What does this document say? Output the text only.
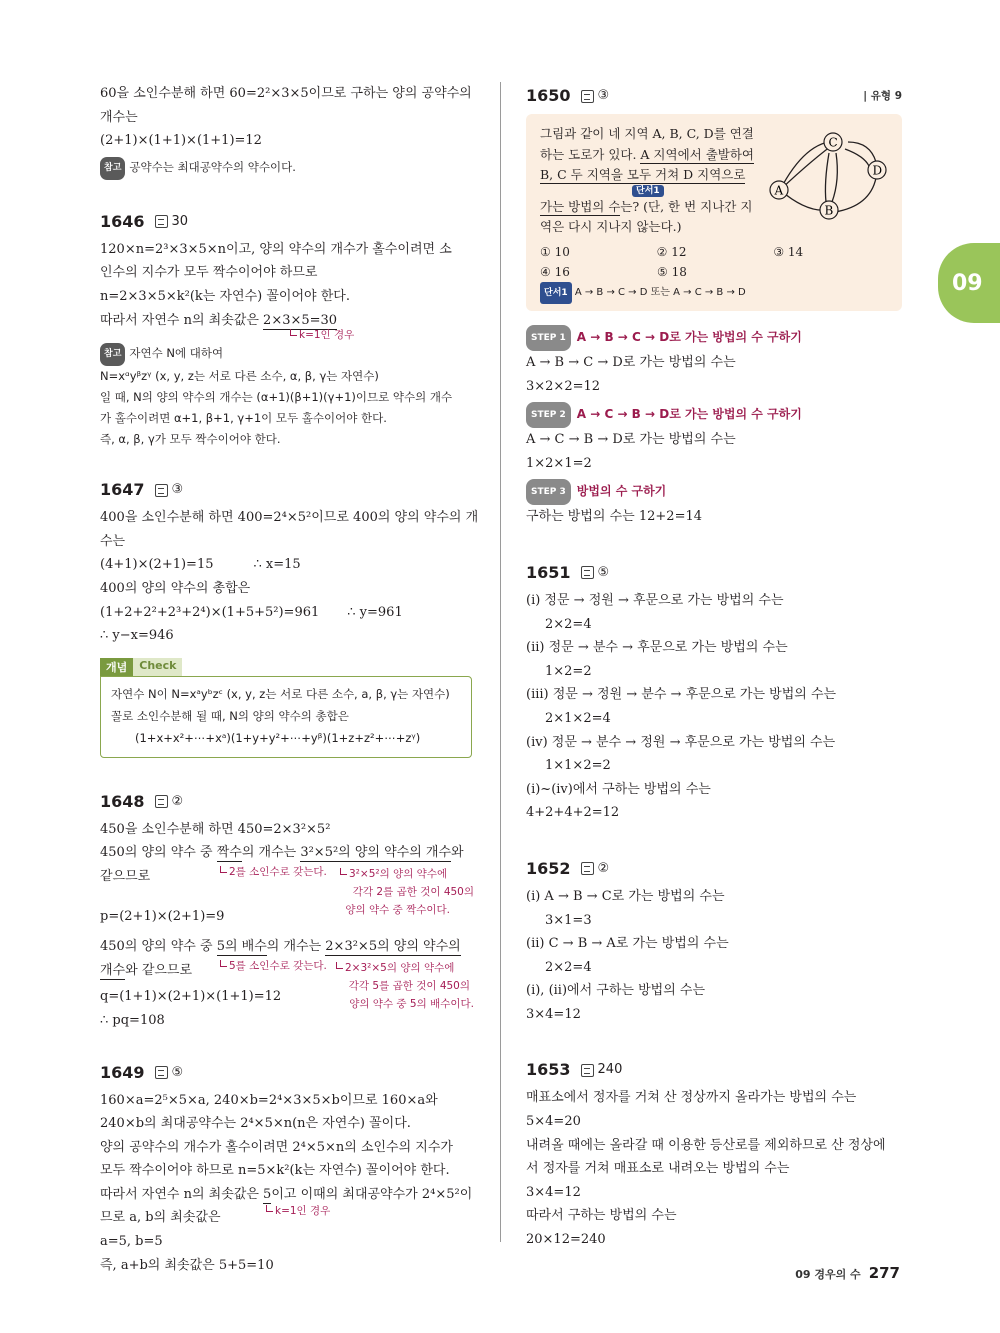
60을 소인수분해 하면 60=2²×3×5이므로 구하는 양의 공약수의
개수는
(2+1)×(1+1)×(1+1)=12
참고 공약수는 최대공약수의 약수이다.
1646 30
120×n=2³×3×5×n이고, 양의 약수의 개수가 홀수이려면 소
인수의 지수가 모두 짝수이어야 하므로
n=2×3×5×k²(k는 자연수) 꼴이어야 한다.
따라서 자연수 n의 최솟값은 2×3×5=30
k=1인 경우
참고 자연수 N에 대하여
N=xᵅyᵝzᵞ (x, y, z는 서로 다른 소수, α, β, γ는 자연수)
일 때, N의 양의 약수의 개수는 (α+1)(β+1)(γ+1)이므로 약수의 개수
가 홀수이려면 α+1, β+1, γ+1이 모두 홀수이어야 한다.
즉, α, β, γ가 모두 짝수이어야 한다.
1647 ③
400을 소인수분해 하면 400=2⁴×5²이므로 400의 양의 약수의 개
수는
(4+1)×(2+1)=15	∴ x=15
400의 양의 약수의 총합은
(1+2+2²+2³+2⁴)×(1+5+5²)=961 ∴ y=961
∴ y−x=946
개념	Check
자연수 N이 N=xᵃyᵇzᶜ (x, y, z는 서로 다른 소수, a, β, γ는 자연수)
꼴로 소인수분해 될 때, N의 양의 약수의 총합은
(1+x+x²+⋯+xᵃ)(1+y+y²+⋯+yᵝ)(1+z+z²+⋯+zᵞ)
1648 ②
450을 소인수분해 하면 450=2×3²×5²
450의 양의 약수 중 짝수의 개수는 3²×5²의 양의 약수의 개수와
같으므로	2를 소인수로 갖는다.	3²×5²의 양의 약수에
각각 2를 곱한 것이 450의
양의 약수 중 짝수이다.
p=(2+1)×(2+1)=9
450의 양의 약수 중 5의 배수의 개수는 2×3²×5의 양의 약수의
개수와 같으므로	5를 소인수로 갖는다.	2×3²×5의 양의 약수에
각각 5를 곱한 것이 450의
양의 약수 중 5의 배수이다.
q=(1+1)×(2+1)×(1+1)=12
∴ pq=108
1649 ⑤
160×a=2⁵×5×a, 240×b=2⁴×3×5×b이므로 160×a와
240×b의 최대공약수는 2⁴×5×n(n은 자연수) 꼴이다.
양의 공약수의 개수가 홀수이려면 2⁴×5×n의 소인수의 지수가
모두 짝수이어야 하므로 n=5×k²(k는 자연수) 꼴이어야 한다.
따라서 자연수 n의 최솟값은 5이고 이때의 최대공약수가 2⁴×5²이
므로 a, b의 최솟값은	k=1인 경우
a=5, b=5
즉, a+b의 최솟값은 5+5=10
1650 ③	| 유형 9
그림과 같이 네 지역 A, B, C, D를 연결
하는 도로가 있다. A 지역에서 출발하여
B, C 두 지역을 모두 거쳐 D 지역으로
단서1
가는 방법의 수는? (단, 한 번 지나간 지
역은 다시 지나지 않는다.)
① 10	② 12	③ 14
④ 16	⑤ 18
단서1 A → B → C → D 또는 A → C → B → D
A
B
C
D
STEP 1 A → B → C → D로 가는 방법의 수 구하기
A → B → C → D로 가는 방법의 수는
3×2×2=12
STEP 2 A → C → B → D로 가는 방법의 수 구하기
A → C → B → D로 가는 방법의 수는
1×2×1=2
STEP 3 방법의 수 구하기
구하는 방법의 수는 12+2=14
1651 ⑤
(i) 정문 → 정원 → 후문으로 가는 방법의 수는
2×2=4
(ii) 정문 → 분수 → 후문으로 가는 방법의 수는
1×2=2
(iii) 정문 → 정원 → 분수 → 후문으로 가는 방법의 수는
2×1×2=4
(iv) 정문 → 분수 → 정원 → 후문으로 가는 방법의 수는
1×1×2=2
(i)~(iv)에서 구하는 방법의 수는
4+2+4+2=12
1652 ②
(i) A → B → C로 가는 방법의 수는
3×1=3
(ii) C → B → A로 가는 방법의 수는
2×2=4
(i), (ii)에서 구하는 방법의 수는
3×4=12
1653 240
매표소에서 정자를 거쳐 산 정상까지 올라가는 방법의 수는
5×4=20
내려올 때에는 올라갈 때 이용한 등산로를 제외하므로 산 정상에
서 정자를 거쳐 매표소로 내려오는 방법의 수는
3×4=12
따라서 구하는 방법의 수는
20×12=240
09
09 경우의 수 277
